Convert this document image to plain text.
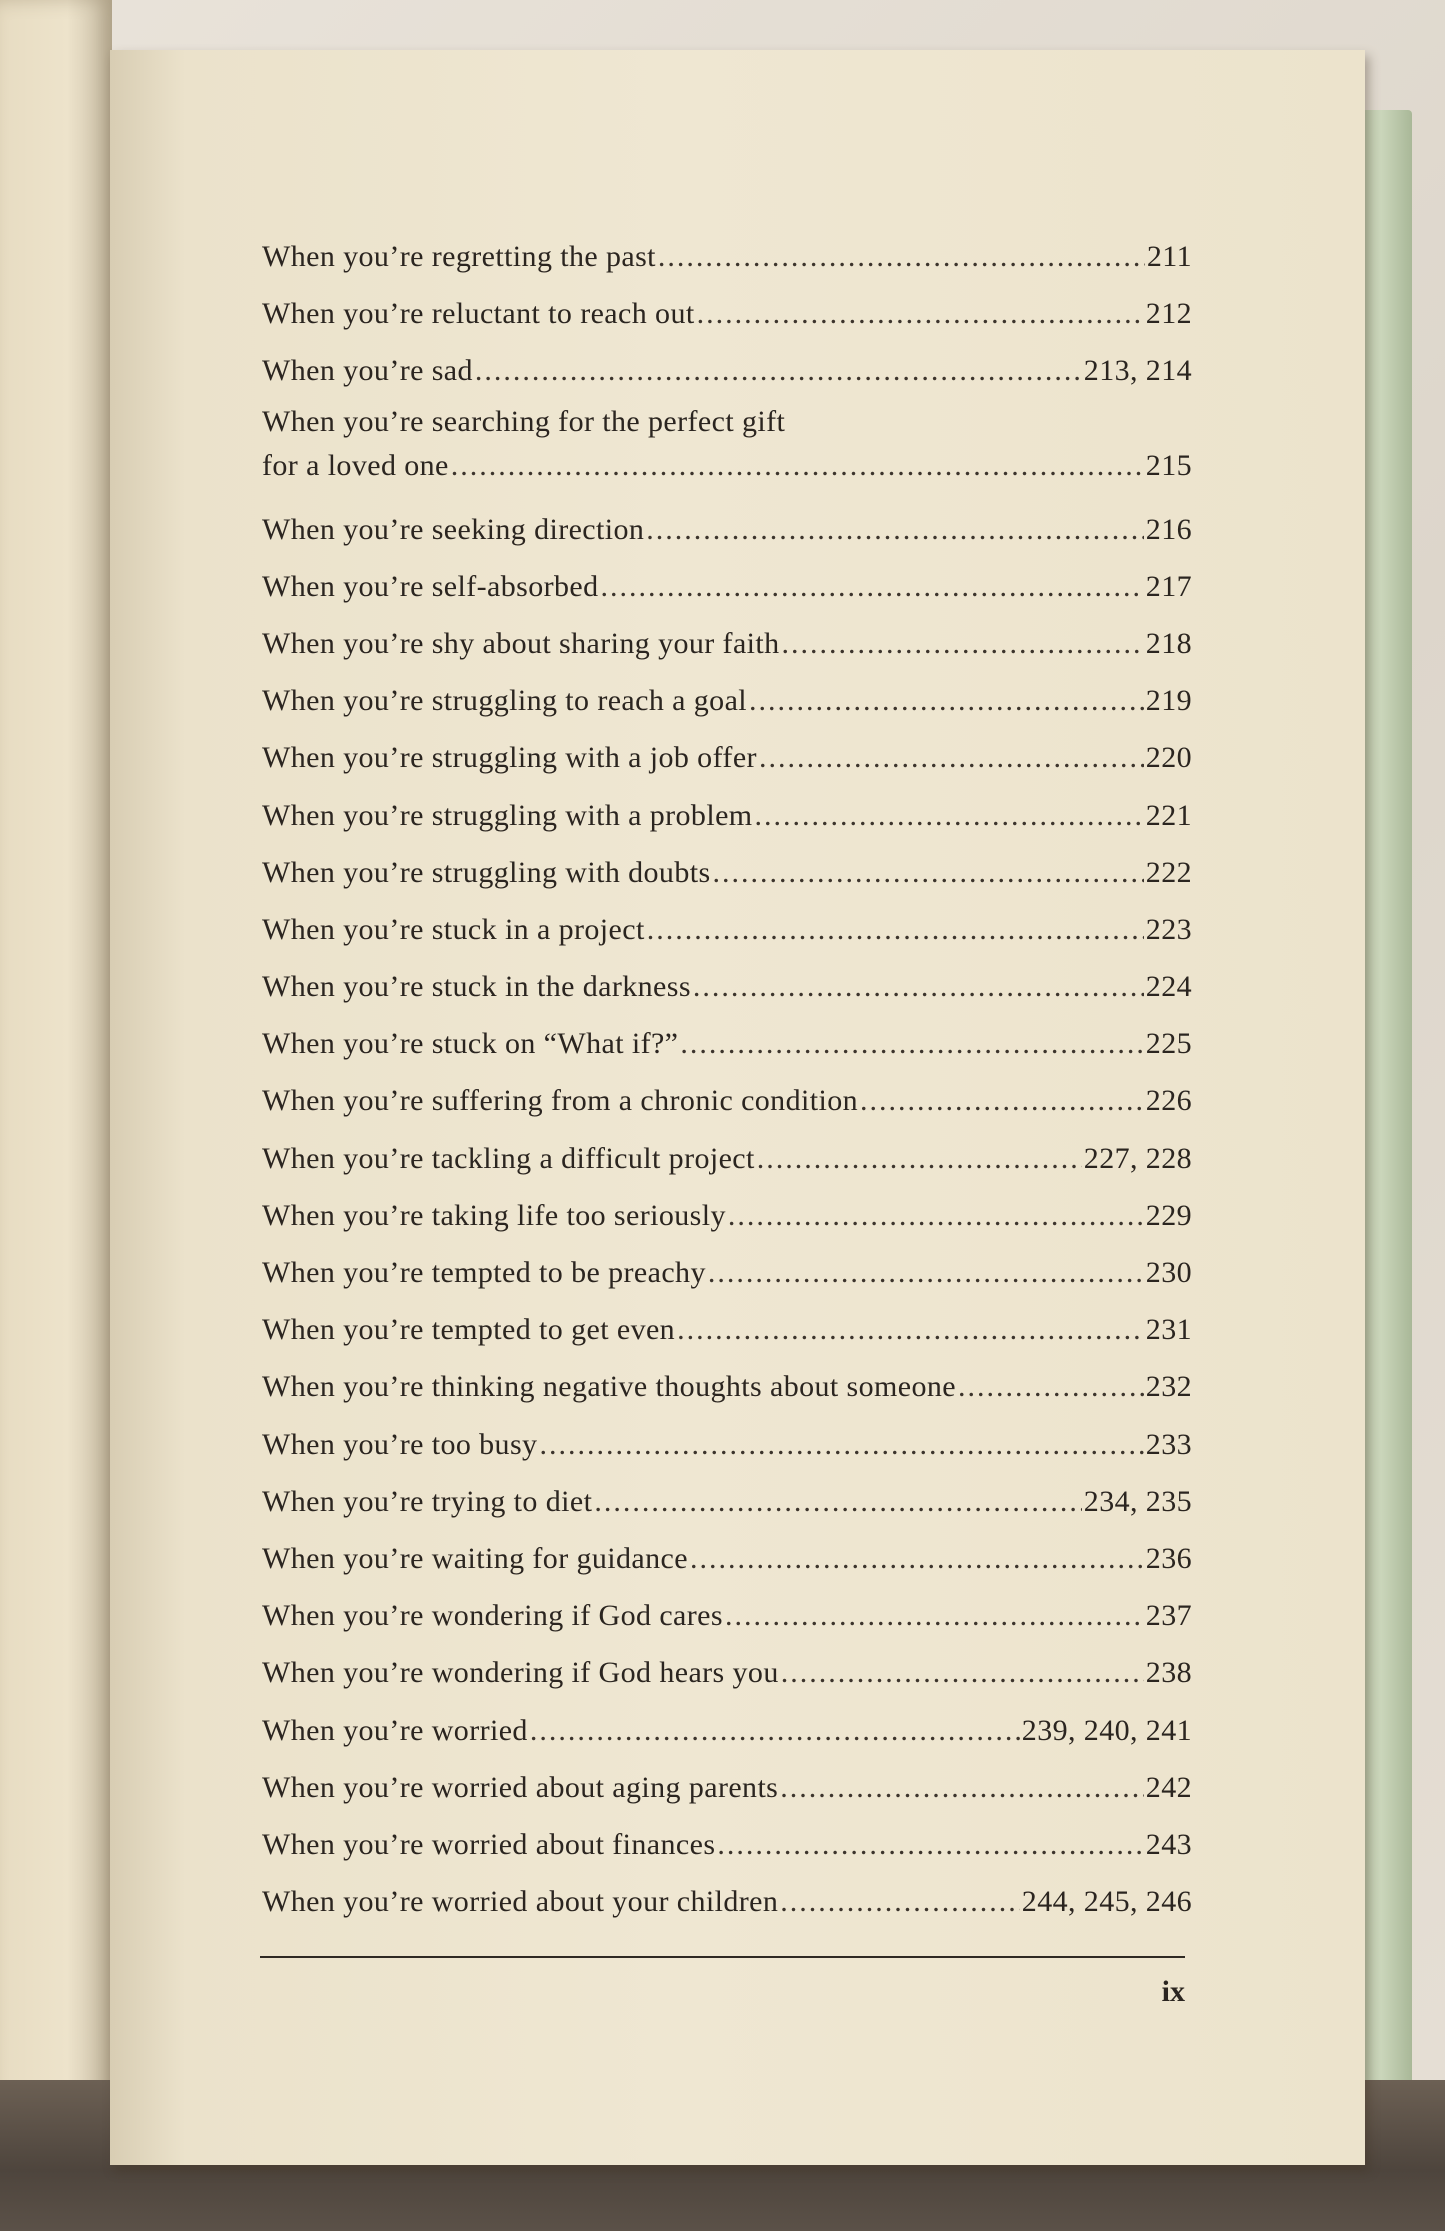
When you’re regretting the past .....	211
When you’re reluctant to reach out .....	212
When you’re sad .....	213, 214
When you’re searching for the perfect gift
for a loved one .....	215
When you’re seeking direction .....	216
When you’re self-absorbed .....	217
When you’re shy about sharing your faith .....	218
When you’re struggling to reach a goal .....	219
When you’re struggling with a job offer .....	220
When you’re struggling with a problem .....	221
When you’re struggling with doubts .....	222
When you’re stuck in a project .....	223
When you’re stuck in the darkness .....	224
When you’re stuck on “What if?” .....	225
When you’re suffering from a chronic condition .....	226
When you’re tackling a difficult project .....	227, 228
When you’re taking life too seriously .....	229
When you’re tempted to be preachy .....	230
When you’re tempted to get even .....	231
When you’re thinking negative thoughts about someone .....	232
When you’re too busy .....	233
When you’re trying to diet .....	234, 235
When you’re waiting for guidance .....	236
When you’re wondering if God cares .....	237
When you’re wondering if God hears you .....	238
When you’re worried .....	239, 240, 241
When you’re worried about aging parents .....	242
When you’re worried about finances .....	243
When you’re worried about your children .....	244, 245, 246
ix
